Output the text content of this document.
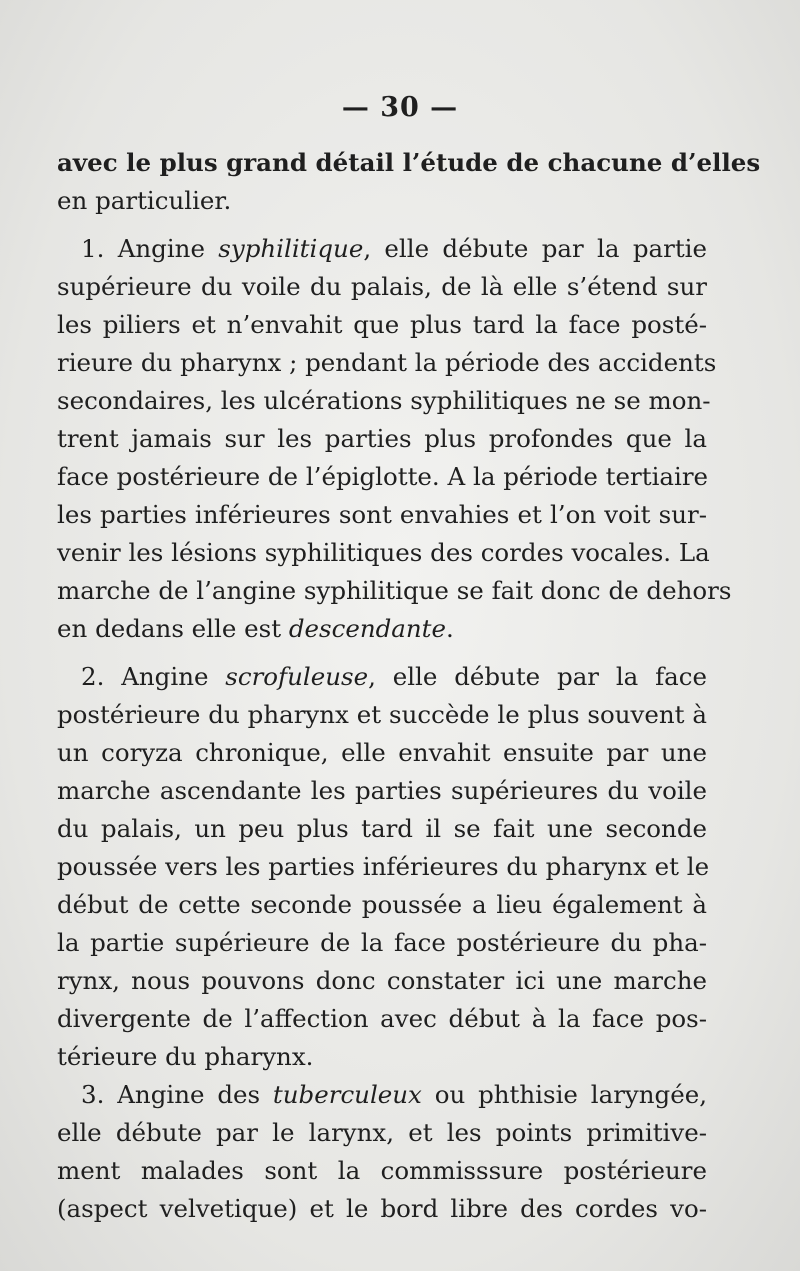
— 30 —
avec le plus grand détail l’étude de chacune d’elles
en particulier.
1. Angine syphilitique, elle débute par la partie
supérieure du voile du palais, de là elle s’étend sur
les piliers et n’envahit que plus tard la face posté-
rieure du pharynx ; pendant la période des accidents
secondaires, les ulcérations syphilitiques ne se mon-
trent jamais sur les parties plus profondes que la
face postérieure de l’épiglotte. A la période tertiaire
les parties inférieures sont envahies et l’on voit sur-
venir les lésions syphilitiques des cordes vocales. La
marche de l’angine syphilitique se fait donc de dehors
en dedans elle est descendante.
2. Angine scrofuleuse, elle débute par la face
postérieure du pharynx et succède le plus souvent à
un coryza chronique, elle envahit ensuite par une
marche ascendante les parties supérieures du voile
du palais, un peu plus tard il se fait une seconde
poussée vers les parties inférieures du pharynx et le
début de cette seconde poussée a lieu également à
la partie supérieure de la face postérieure du pha-
rynx, nous pouvons donc constater ici une marche
divergente de l’affection avec début à la face pos-
térieure du pharynx.
3. Angine des tuberculeux ou phthisie laryngée,
elle débute par le larynx, et les points primitive-
ment malades sont la commisssure postérieure
(aspect velvetique) et le bord libre des cordes vo-
